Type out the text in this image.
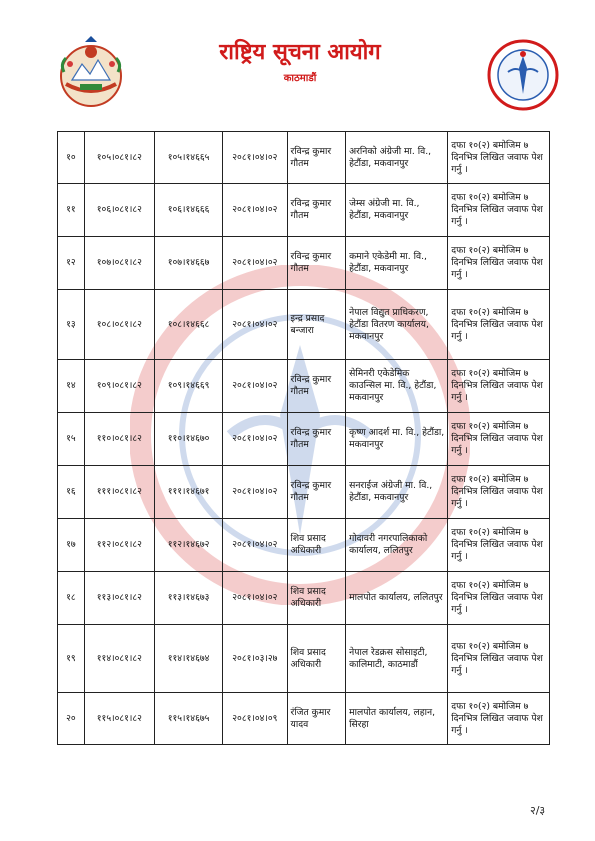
राष्ट्रिय सूचना आयोग
काठमाडौं
१०	१०५।०८१।८२	१०५।१४६६५	२०८१।०४।०२	रविन्द्र कुमार गौतम	अरनिको अंग्रेजी मा. वि., हेटौंडा, मकवानपुर	दफा १०(२) बमोजिम ७ दिनभित्र लिखित जवाफ पेश गर्नु ।
११	१०६।०८१।८२	१०६।१४६६६	२०८१।०४।०२	रविन्द्र कुमार गौतम	जेम्स अंग्रेजी मा. वि., हेटौंडा, मकवानपुर	दफा १०(२) बमोजिम ७ दिनभित्र लिखित जवाफ पेश गर्नु ।
१२	१०७।०८१।८२	१०७।१४६६७	२०८१।०४।०२	रविन्द्र कुमार गौतम	कमाने एकेडेमी मा. वि., हेटौंडा, मकवानपुर	दफा १०(२) बमोजिम ७ दिनभित्र लिखित जवाफ पेश गर्नु ।
१३	१०८।०८१।८२	१०८।१४६६८	२०८१।०४।०२	इन्द्र प्रसाद बन्जारा	नेपाल विद्युत प्राधिकरण, हेटौंडा वितरण कार्यालय, मकवानपुर	दफा १०(२) बमोजिम ७ दिनभित्र लिखित जवाफ पेश गर्नु ।
१४	१०९।०८१।८२	१०९।१४६६९	२०८१।०४।०२	रविन्द्र कुमार गौतम	सेमिनरी एकेडेमिक काउन्सिल मा. वि., हेटौंडा, मकवानपुर	दफा १०(२) बमोजिम ७ दिनभित्र लिखित जवाफ पेश गर्नु ।
१५	११०।०८१।८२	११०।१४६७०	२०८१।०४।०२	रविन्द्र कुमार गौतम	कृष्ण आदर्श मा. वि., हेटौंडा, मकवानपुर	दफा १०(२) बमोजिम ७ दिनभित्र लिखित जवाफ पेश गर्नु ।
१६	१११।०८१।८२	१११।१४६७१	२०८१।०४।०२	रविन्द्र कुमार गौतम	सनराईज अंग्रेजी मा. वि., हेटौंडा, मकवानपुर	दफा १०(२) बमोजिम ७ दिनभित्र लिखित जवाफ पेश गर्नु ।
१७	११२।०८१।८२	११२।१४६७२	२०८१।०४।०२	शिव प्रसाद अधिकारी	गोदावरी नगरपालिकाको कार्यालय, ललितपुर	दफा १०(२) बमोजिम ७ दिनभित्र लिखित जवाफ पेश गर्नु ।
१८	११३।०८१।८२	११३।१४६७३	२०८१।०४।०२	शिव प्रसाद अधिकारी	मालपोत कार्यालय, ललितपुर	दफा १०(२) बमोजिम ७ दिनभित्र लिखित जवाफ पेश गर्नु ।
१९	११४।०८१।८२	११४।१४६७४	२०८१।०३।२७	शिव प्रसाद अधिकारी	नेपाल रेडक्रस सोसाइटी, कालिमाटी, काठमाडौं	दफा १०(२) बमोजिम ७ दिनभित्र लिखित जवाफ पेश गर्नु ।
२०	११५।०८१।८२	११५।१४६७५	२०८१।०४।०९	रंजित कुमार यादव	मालपोत कार्यालय, लहान, सिरहा	दफा १०(२) बमोजिम ७ दिनभित्र लिखित जवाफ पेश गर्नु ।
२/३
